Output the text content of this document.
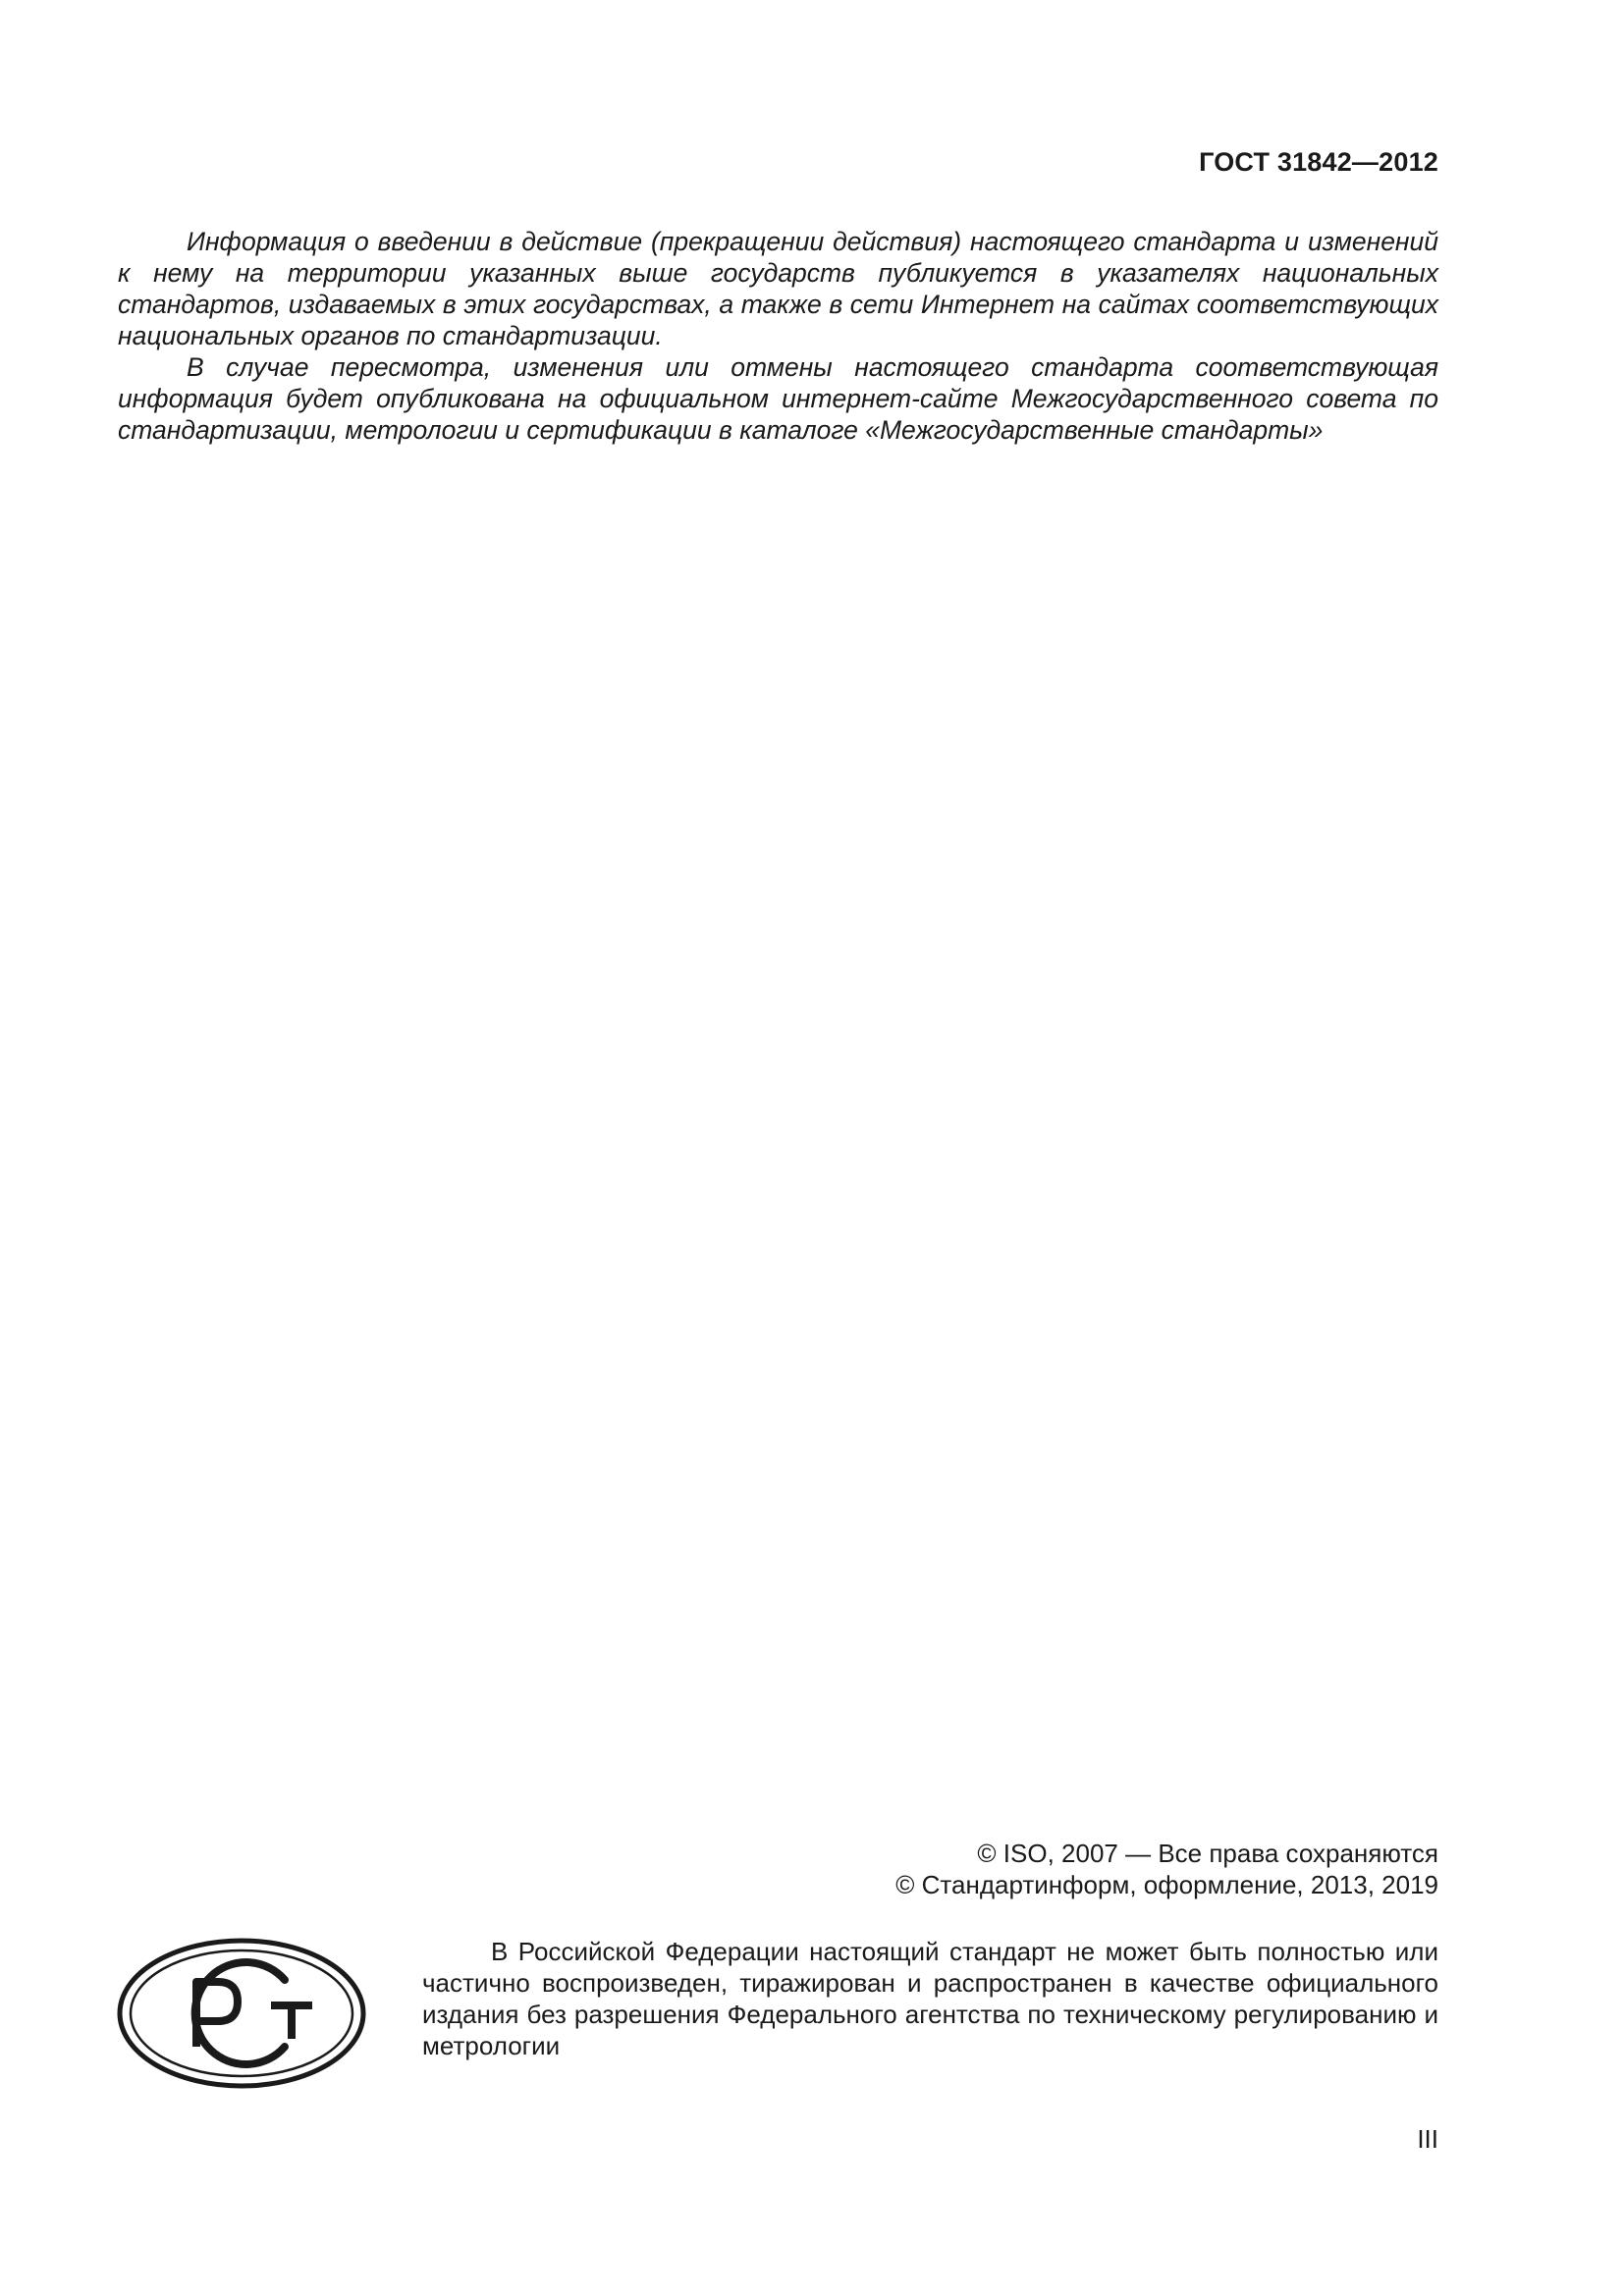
ГОСТ 31842—2012

Информация о введении в действие (прекращении действия) настоящего стандарта и изменений к нему на территории указанных выше государств публикуется в указателях национальных стандартов, издаваемых в этих государствах, а также в сети Интернет на сайтах соответствующих национальных органов по стандартизации.

В случае пересмотра, изменения или отмены настоящего стандарта соответствующая информация будет опубликована на официальном интернет-сайте Межгосударственного совета по стандартизации, метрологии и сертификации в каталоге «Межгосударственные стандарты»

© ISO, 2007 — Все права сохраняются
© Стандартинформ, оформление, 2013, 2019

В Российской Федерации настоящий стандарт не может быть полностью или частично воспроизведен, тиражирован и распространен в качестве официального издания без разрешения Федерального агентства по техническому регулированию и метрологии

III
